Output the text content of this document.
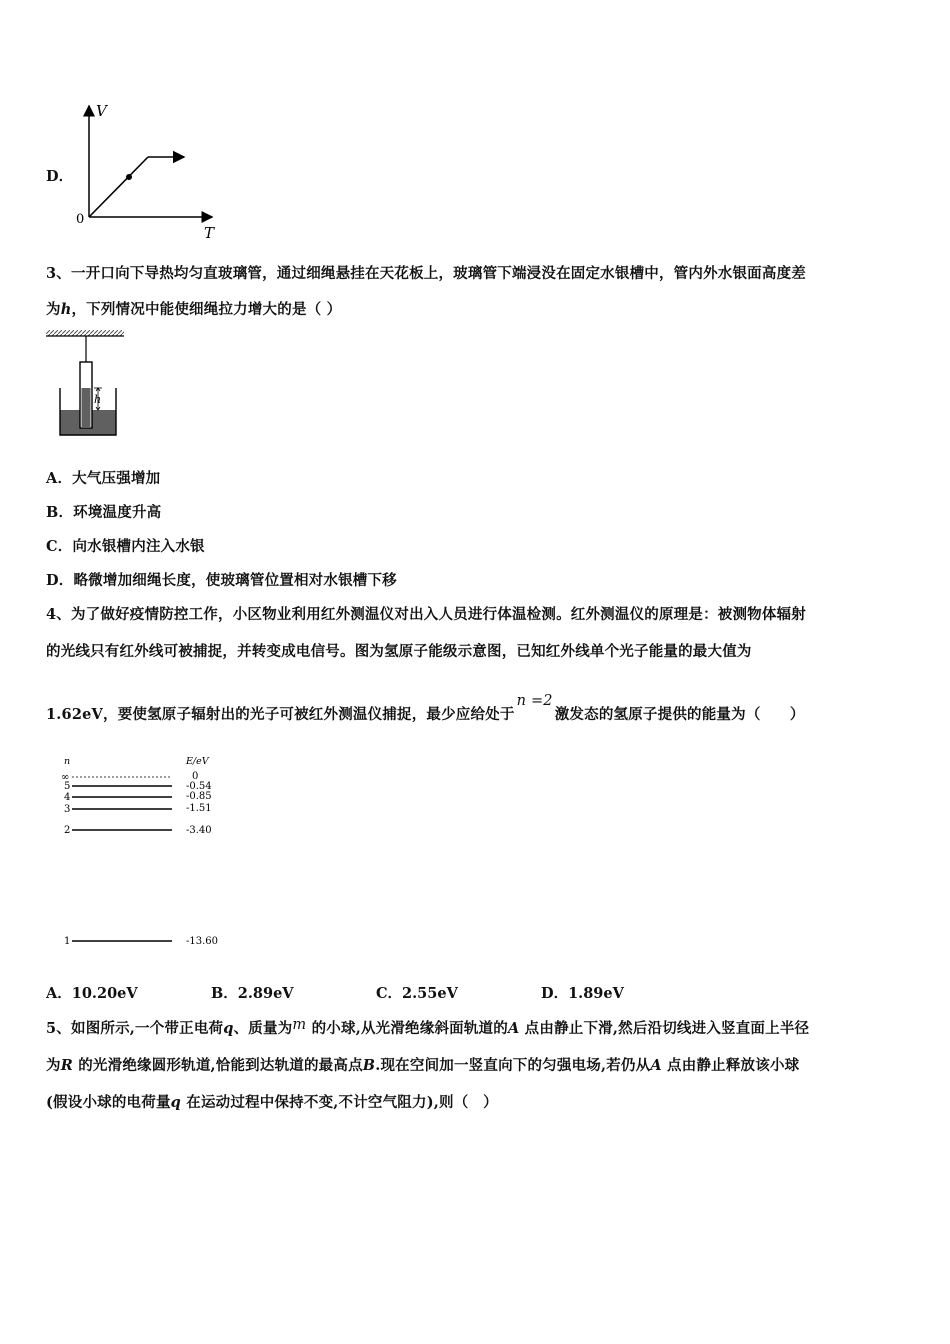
D．
V
T
0
3、一开口向下导热均匀直玻璃管，通过细绳悬挂在天花板上，玻璃管下端浸没在固定水银槽中，管内外水银面高度差
为h，下列情况中能使细绳拉力增大的是（ ）
h
A．大气压强增加
B．环境温度升高
C．向水银槽内注入水银
D．略微增加细绳长度，使玻璃管位置相对水银槽下移
4、为了做好疫情防控工作，小区物业利用红外测温仪对出入人员进行体温检测。红外测温仪的原理是：被测物体辐射
的光线只有红外线可被捕捉，并转变成电信号。图为氢原子能级示意图，已知红外线单个光子能量的最大值为
1.62eV，要使氢原子辐射出的光子可被红外测温仪捕捉，最少应给处于n =2激发态的氢原子提供的能量为（　　）
n	E/eV
∞	0
5	-0.54
4	-0.85
3	-1.51
2	-3.40
1	-13.60
A．10.20eV	B．2.89eV	C．2.55eV	D．1.89eV
5、如图所示,一个带正电荷q、质量为m 的小球,从光滑绝缘斜面轨道的A 点由静止下滑,然后沿切线进入竖直面上半径
为R 的光滑绝缘圆形轨道,恰能到达轨道的最高点B.现在空间加一竖直向下的匀强电场,若仍从A 点由静止释放该小球
(假设小球的电荷量q 在运动过程中保持不变,不计空气阻力),则（　）
